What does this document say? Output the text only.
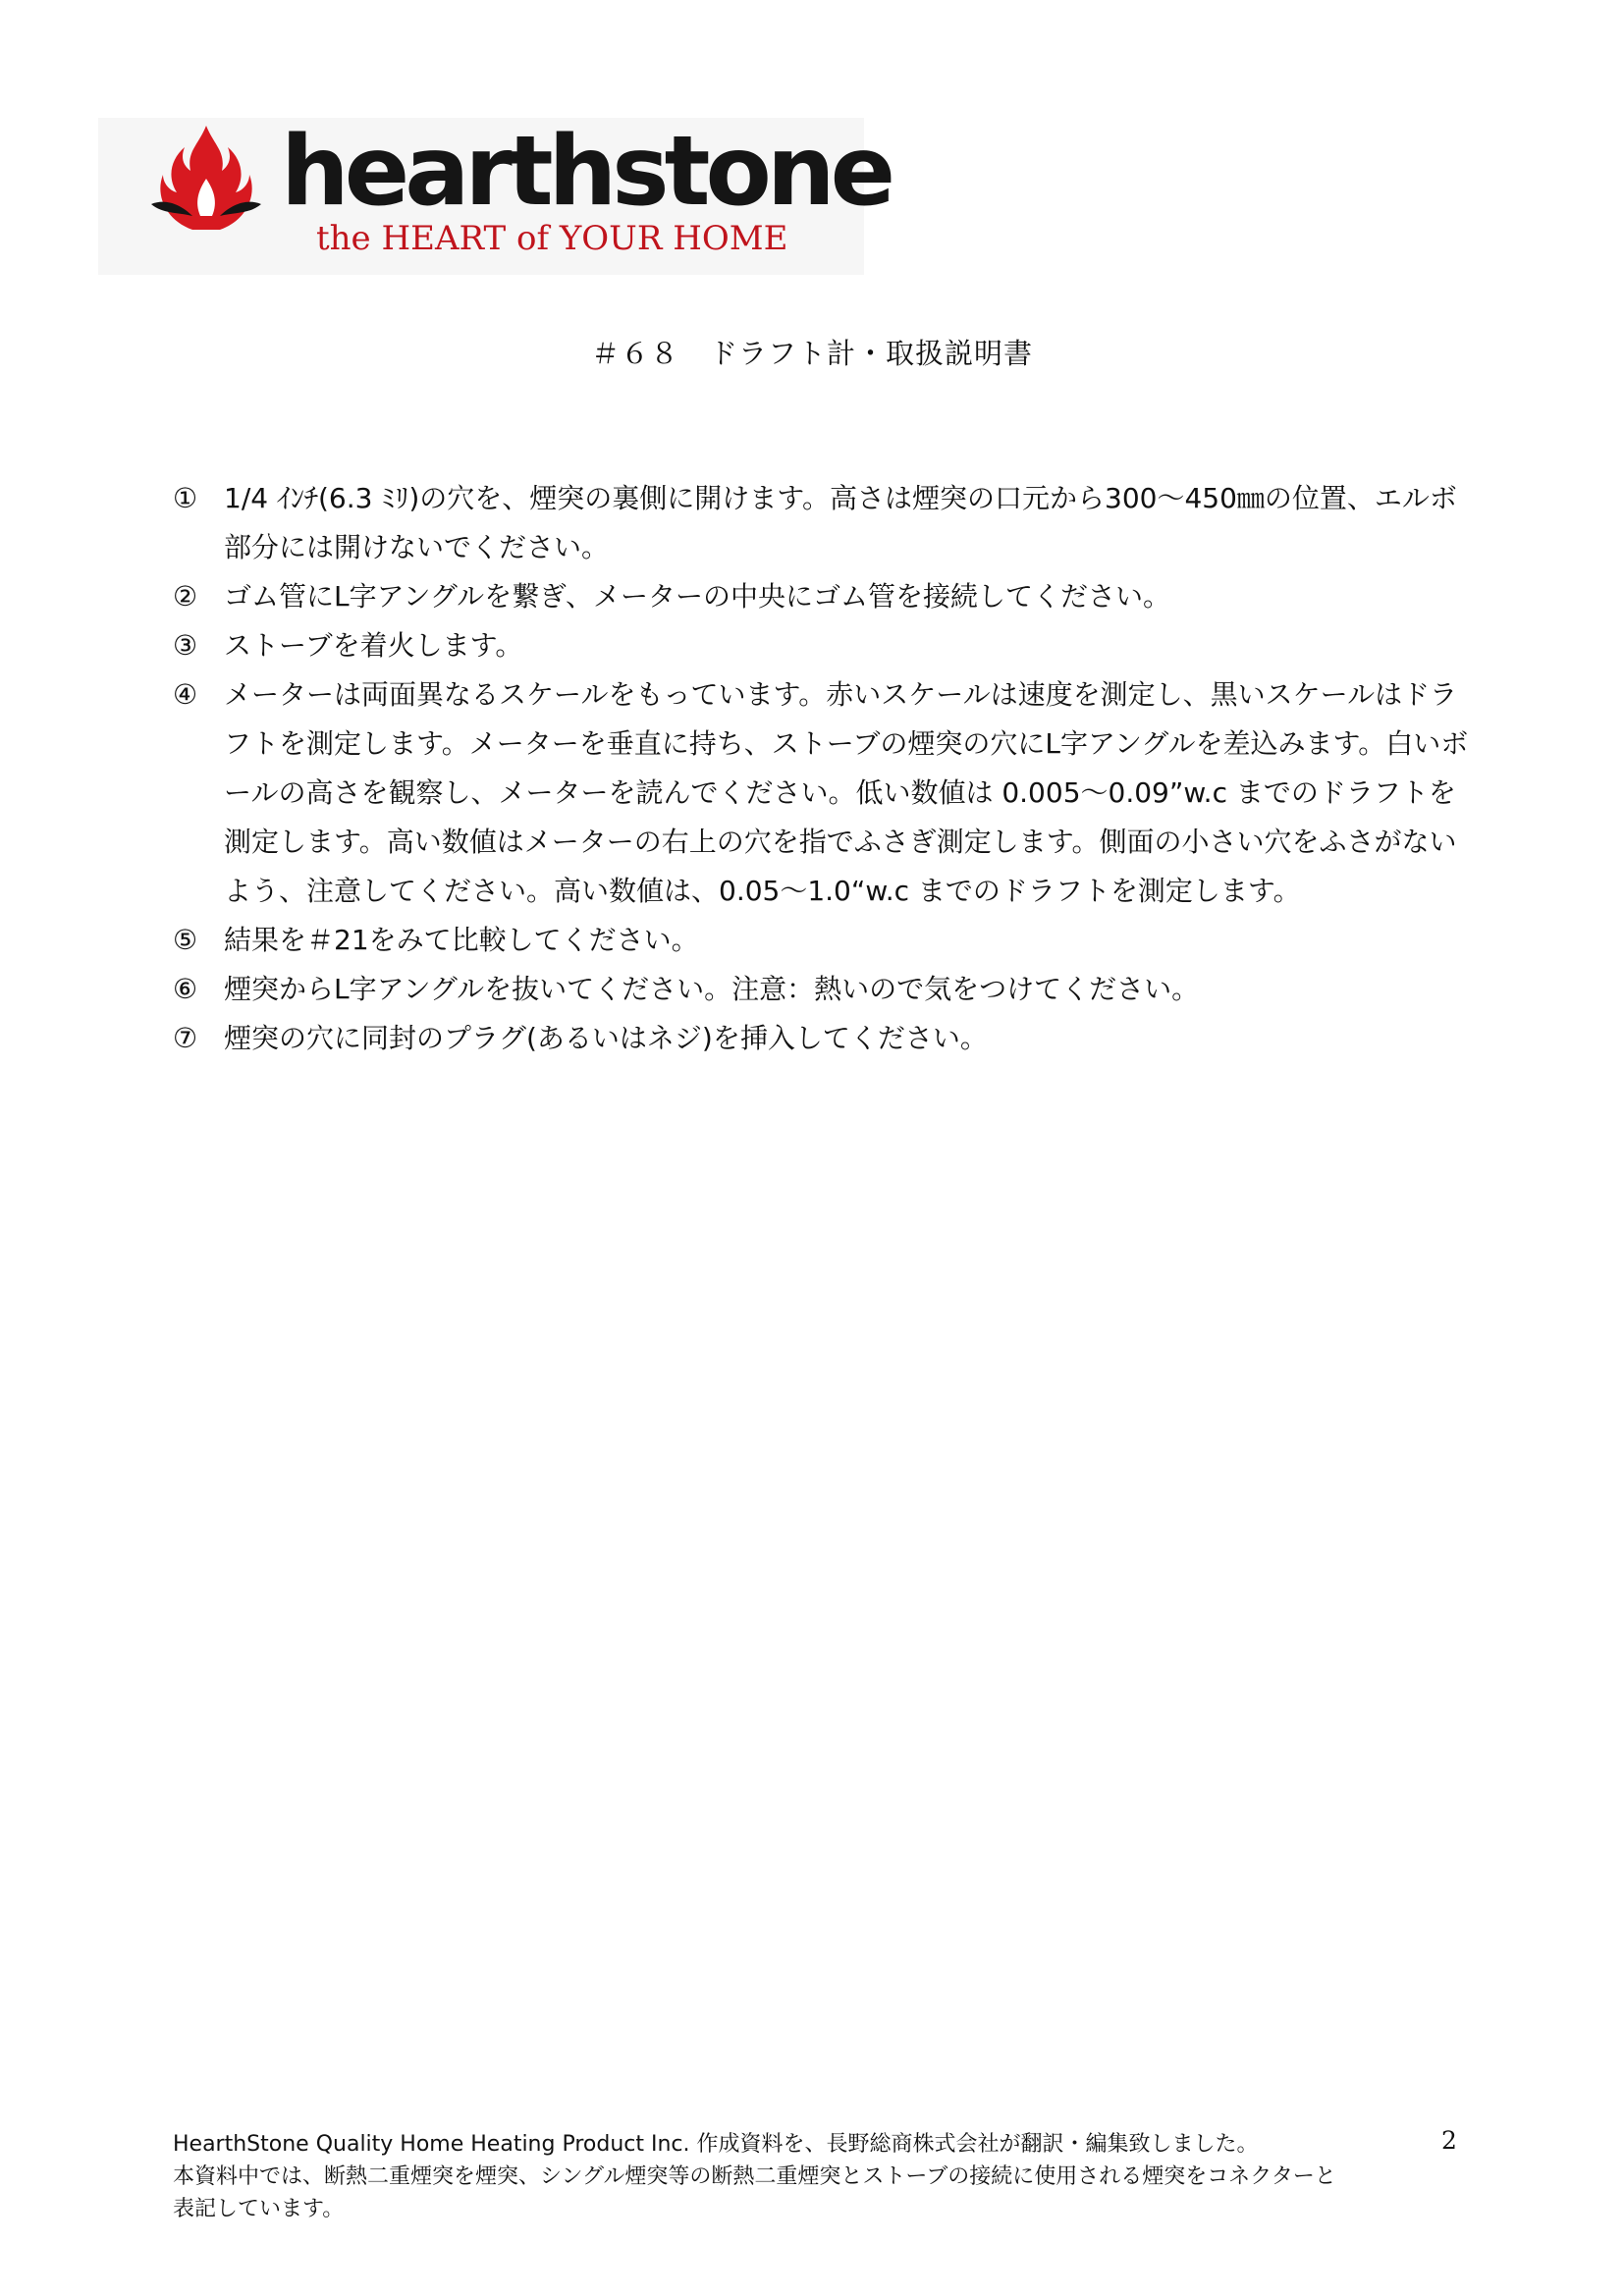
hearthstone
the HEART of YOUR HOME
＃６８　ドラフト計・取扱説明書
① 1/4 ｲﾝﾁ(6.3 ﾐﾘ)の穴を、煙突の裏側に開けます。高さは煙突の口元から300～450㎜の位置、エルボ部分には開けないでください。
② ゴム管にL字アングルを繋ぎ、メーターの中央にゴム管を接続してください。
③ ストーブを着火します。
④ メーターは両面異なるスケールをもっています。赤いスケールは速度を測定し、黒いスケールはドラフトを測定します。メーターを垂直に持ち、ストーブの煙突の穴にL字アングルを差込みます。白いボールの高さを観察し、メーターを読んでください。低い数値は 0.005～0.09”w.c までのドラフトを測定します。高い数値はメーターの右上の穴を指でふさぎ測定します。側面の小さい穴をふさがないよう、注意してください。高い数値は、0.05～1.0“w.c までのドラフトを測定します。
⑤ 結果を＃21をみて比較してください。
⑥ 煙突からL字アングルを抜いてください。注意：熱いので気をつけてください。
⑦ 煙突の穴に同封のプラグ(あるいはネジ)を挿入してください。
HearthStone Quality Home Heating Product Inc. 作成資料を、長野総商株式会社が翻訳・編集致しました。
本資料中では、断熱二重煙突を煙突、シングル煙突等の断熱二重煙突とストーブの接続に使用される煙突をコネクターと
表記しています。
2
